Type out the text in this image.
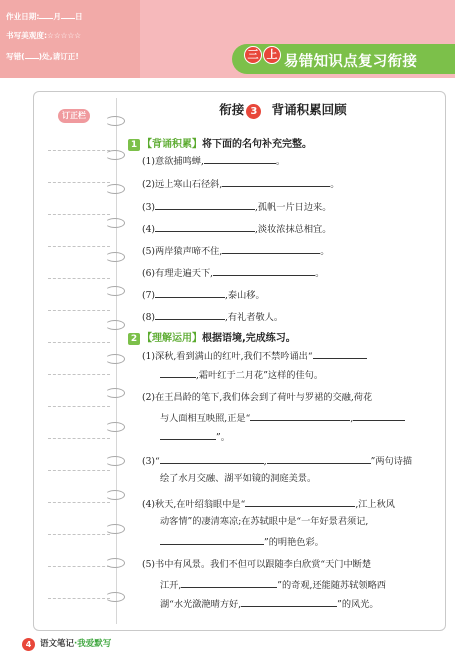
作业日期: 月 日
书写美观度:☆☆☆☆☆
写错( )处,请订正!	三 上 易错知识点复习衔接
订正栏	衔接 3 背诵积累回顾
1 【背诵积累】将下面的名句补充完整。
(1)意欲捕鸣蝉,	。
(2)远上寒山石径斜,	。
(3)	,孤帆一片日边来。
(4)	,淡妆浓抹总相宜。
(5)两岸猿声啼不住,	。
(6)有理走遍天下,	。
(7)	,泰山移。
(8)	,有礼者敬人。
2 【理解运用】根据语境,完成练习。
(1)深秋,看到满山的红叶,我们不禁吟诵出“
,霜叶红于二月花”这样的佳句。
(2)在王昌龄的笔下,我们体会到了荷叶与罗裙的交融,荷花
与人面相互映照,正是“	,
”。
(3)“	,	”两句诗描
绘了水月交融、湖平如镜的洞庭美景。
(4)秋天,在叶绍翁眼中是“	,江上秋风
动客情”的凄清寒凉;在苏轼眼中是“一年好景君须记,
”的明艳色彩。
(5)书中有风景。我们不但可以跟随李白欣赏“天门中断楚
江开,	”的奇观,还能随苏轼领略西
湖“水光潋滟晴方好,	”的风光。
4	语文笔记·我爱默写
